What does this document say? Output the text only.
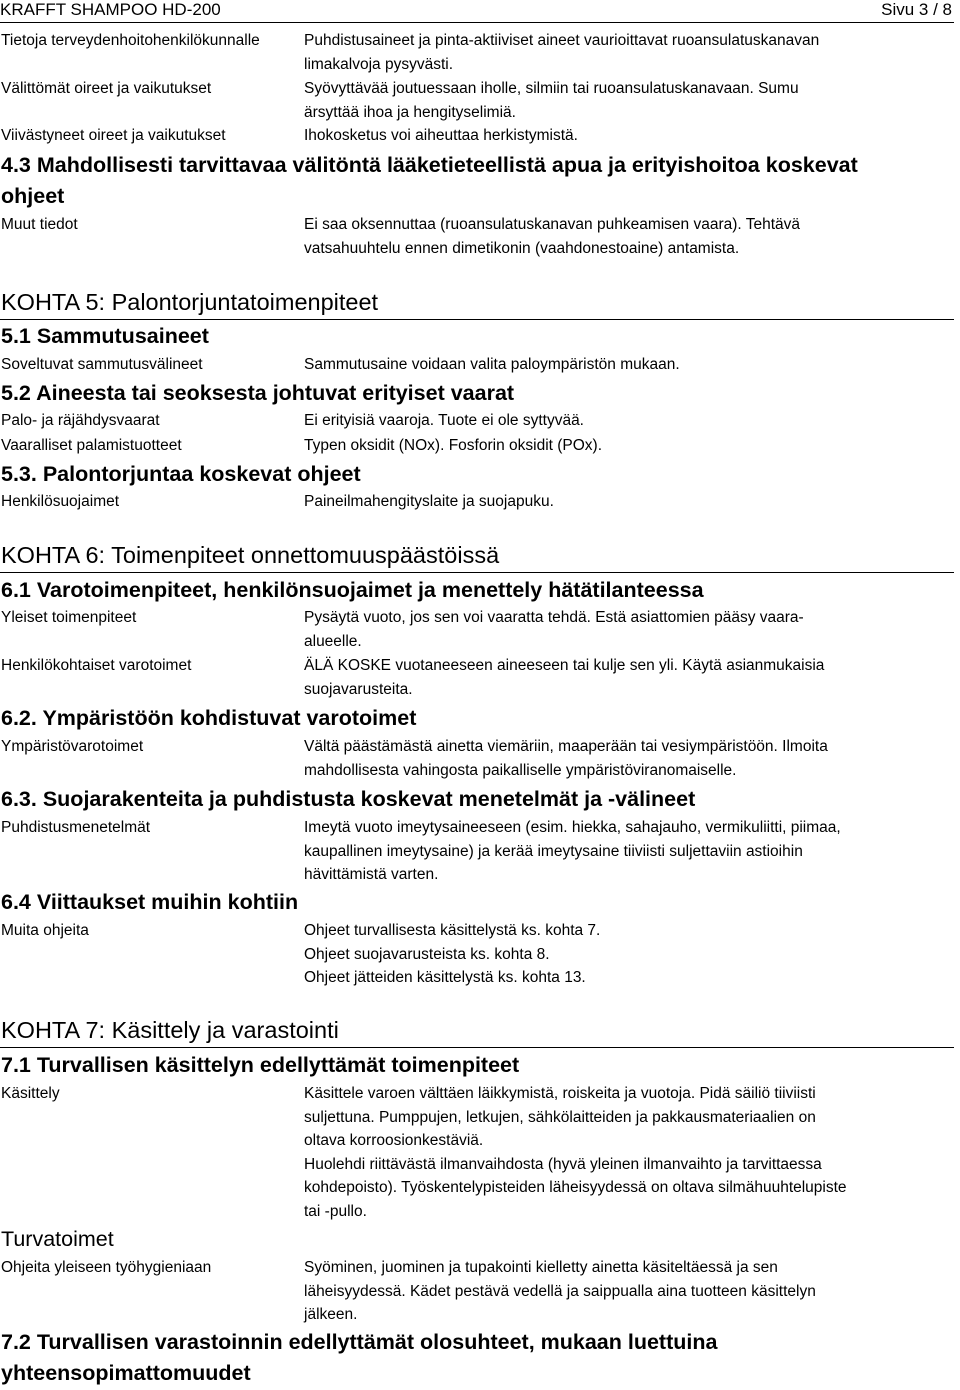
KRAFFT SHAMPOO HD-200	Sivu 3 / 8
Tietoja terveydenhoitohenkilökunnalle	Puhdistusaineet ja pinta-aktiiviset aineet vaurioittavat ruoansulatuskanavan
limakalvoja pysyvästi.
Välittömät oireet ja vaikutukset	Syövyttävää joutuessaan iholle, silmiin tai ruoansulatuskanavaan. Sumu
ärsyttää ihoa ja hengityselimiä.
Viivästyneet oireet ja vaikutukset	Ihokosketus voi aiheuttaa herkistymistä.
4.3 Mahdollisesti tarvittavaa välitöntä lääketieteellistä apua ja erityishoitoa koskevat
ohjeet
Muut tiedot	Ei saa oksennuttaa (ruoansulatuskanavan puhkeamisen vaara). Tehtävä
vatsahuuhtelu ennen dimetikonin (vaahdonestoaine) antamista.
KOHTA 5: Palontorjuntatoimenpiteet
5.1 Sammutusaineet
Soveltuvat sammutusvälineet	Sammutusaine voidaan valita paloympäristön mukaan.
5.2 Aineesta tai seoksesta johtuvat erityiset vaarat
Palo- ja räjähdysvaarat	Ei erityisiä vaaroja. Tuote ei ole syttyvää.
Vaaralliset palamistuotteet	Typen oksidit (NOx). Fosforin oksidit (POx).
5.3. Palontorjuntaa koskevat ohjeet
Henkilösuojaimet	Paineilmahengityslaite ja suojapuku.
KOHTA 6: Toimenpiteet onnettomuuspäästöissä
6.1 Varotoimenpiteet, henkilönsuojaimet ja menettely hätätilanteessa
Yleiset toimenpiteet	Pysäytä vuoto, jos sen voi vaaratta tehdä. Estä asiattomien pääsy vaara-
alueelle.
Henkilökohtaiset varotoimet	ÄLÄ KOSKE vuotaneeseen aineeseen tai kulje sen yli. Käytä asianmukaisia
suojavarusteita.
6.2. Ympäristöön kohdistuvat varotoimet
Ympäristövarotoimet	Vältä päästämästä ainetta viemäriin, maaperään tai vesiympäristöön. Ilmoita
mahdollisesta vahingosta paikalliselle ympäristöviranomaiselle.
6.3. Suojarakenteita ja puhdistusta koskevat menetelmät ja -välineet
Puhdistusmenetelmät	Imeytä vuoto imeytysaineeseen (esim. hiekka, sahajauho, vermikuliitti, piimaa,
kaupallinen imeytysaine) ja kerää imeytysaine tiiviisti suljettaviin astioihin
hävittämistä varten.
6.4 Viittaukset muihin kohtiin
Muita ohjeita	Ohjeet turvallisesta käsittelystä ks. kohta 7.
Ohjeet suojavarusteista ks. kohta 8.
Ohjeet jätteiden käsittelystä ks. kohta 13.
KOHTA 7: Käsittely ja varastointi
7.1 Turvallisen käsittelyn edellyttämät toimenpiteet
Käsittely	Käsittele varoen välttäen läikkymistä, roiskeita ja vuotoja. Pidä säiliö tiiviisti
suljettuna. Pumppujen, letkujen, sähkölaitteiden ja pakkausmateriaalien on
oltava korroosionkestäviä.
Huolehdi riittävästä ilmanvaihdosta (hyvä yleinen ilmanvaihto ja tarvittaessa
kohdepoisto). Työskentelypisteiden läheisyydessä on oltava silmähuuhtelupiste
tai -pullo.
Turvatoimet
Ohjeita yleiseen työhygieniaan	Syöminen, juominen ja tupakointi kielletty ainetta käsiteltäessä ja sen
läheisyydessä. Kädet pestävä vedellä ja saippualla aina tuotteen käsittelyn
jälkeen.
7.2 Turvallisen varastoinnin edellyttämät olosuhteet, mukaan luettuina
yhteensopimattomuudet
